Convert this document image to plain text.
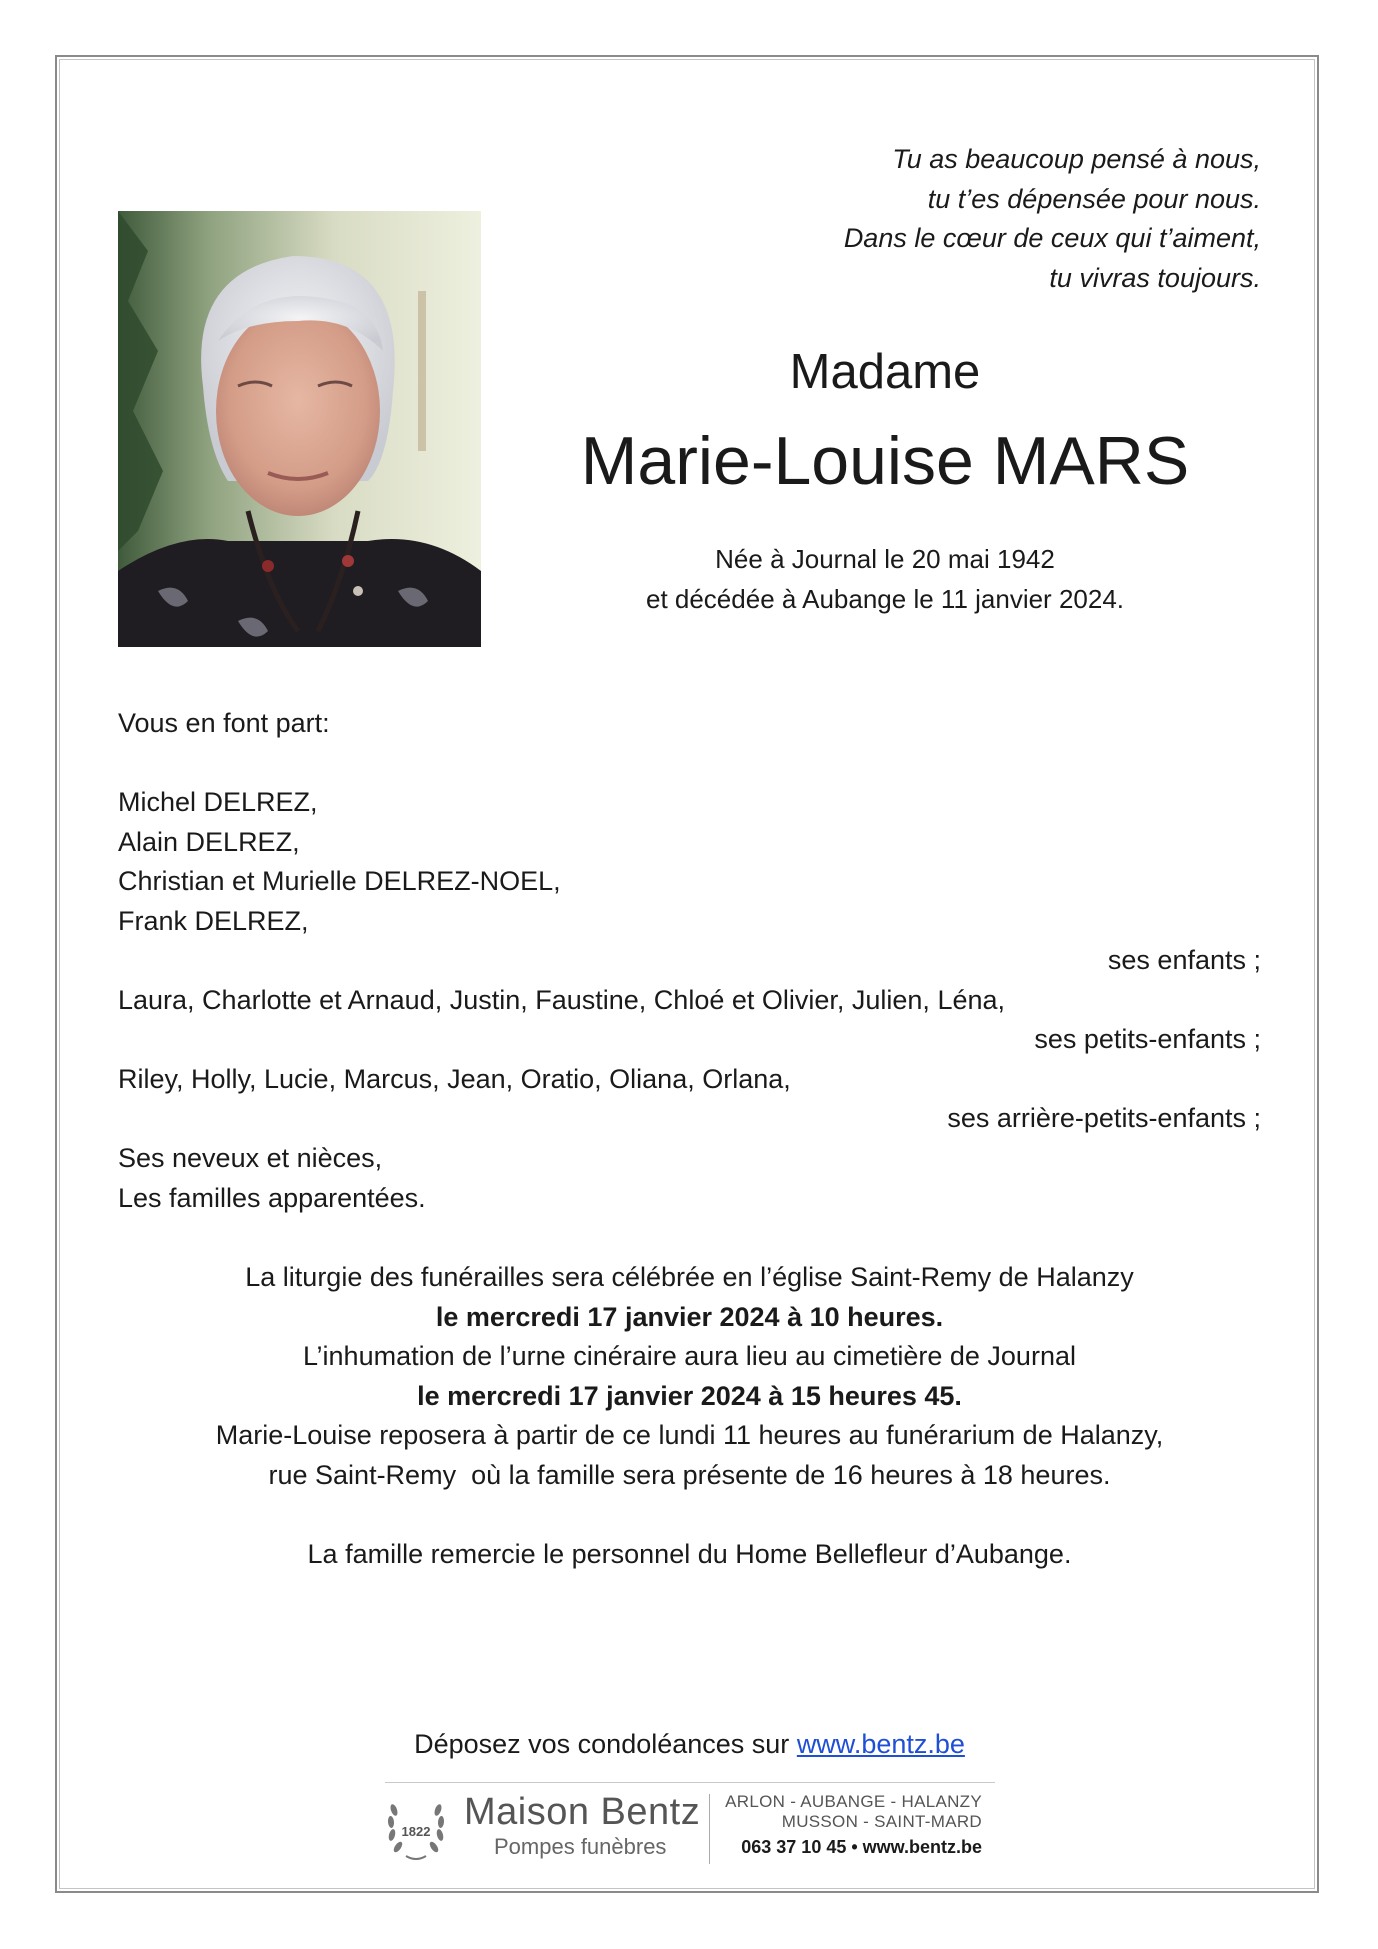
Tu as beaucoup pensé à nous,
tu t’es dépensée pour nous.
Dans le cœur de ceux qui t’aiment,
tu vivras toujours.
Madame
Marie-Louise MARS
Née à Journal le 20 mai 1942
et décédée à Aubange le 11 janvier 2024.
Vous en font part:
Michel DELREZ,
Alain DELREZ,
Christian et Murielle DELREZ-NOEL,
Frank DELREZ,
ses enfants ;
Laura, Charlotte et Arnaud, Justin, Faustine, Chloé et Olivier, Julien, Léna,
ses petits-enfants ;
Riley, Holly, Lucie, Marcus, Jean, Oratio, Oliana, Orlana,
ses arrière-petits-enfants ;
Ses neveux et nièces,
Les familles apparentées.
La liturgie des funérailles sera célébrée en l’église Saint-Remy de Halanzy
le mercredi 17 janvier 2024 à 10 heures.
L’inhumation de l’urne cinéraire aura lieu au cimetière de Journal
le mercredi 17 janvier 2024 à 15 heures 45.
Marie-Louise reposera à partir de ce lundi 11 heures au funérarium de Halanzy,
rue Saint-Remy  où la famille sera présente de 16 heures à 18 heures.
La famille remercie le personnel du Home Bellefleur d’Aubange.
Déposez vos condoléances sur www.bentz.be
1822 Maison Bentz
Pompes funèbres
ARLON - AUBANGE - HALANZY
MUSSON - SAINT-MARD
063 37 10 45 • www.bentz.be
